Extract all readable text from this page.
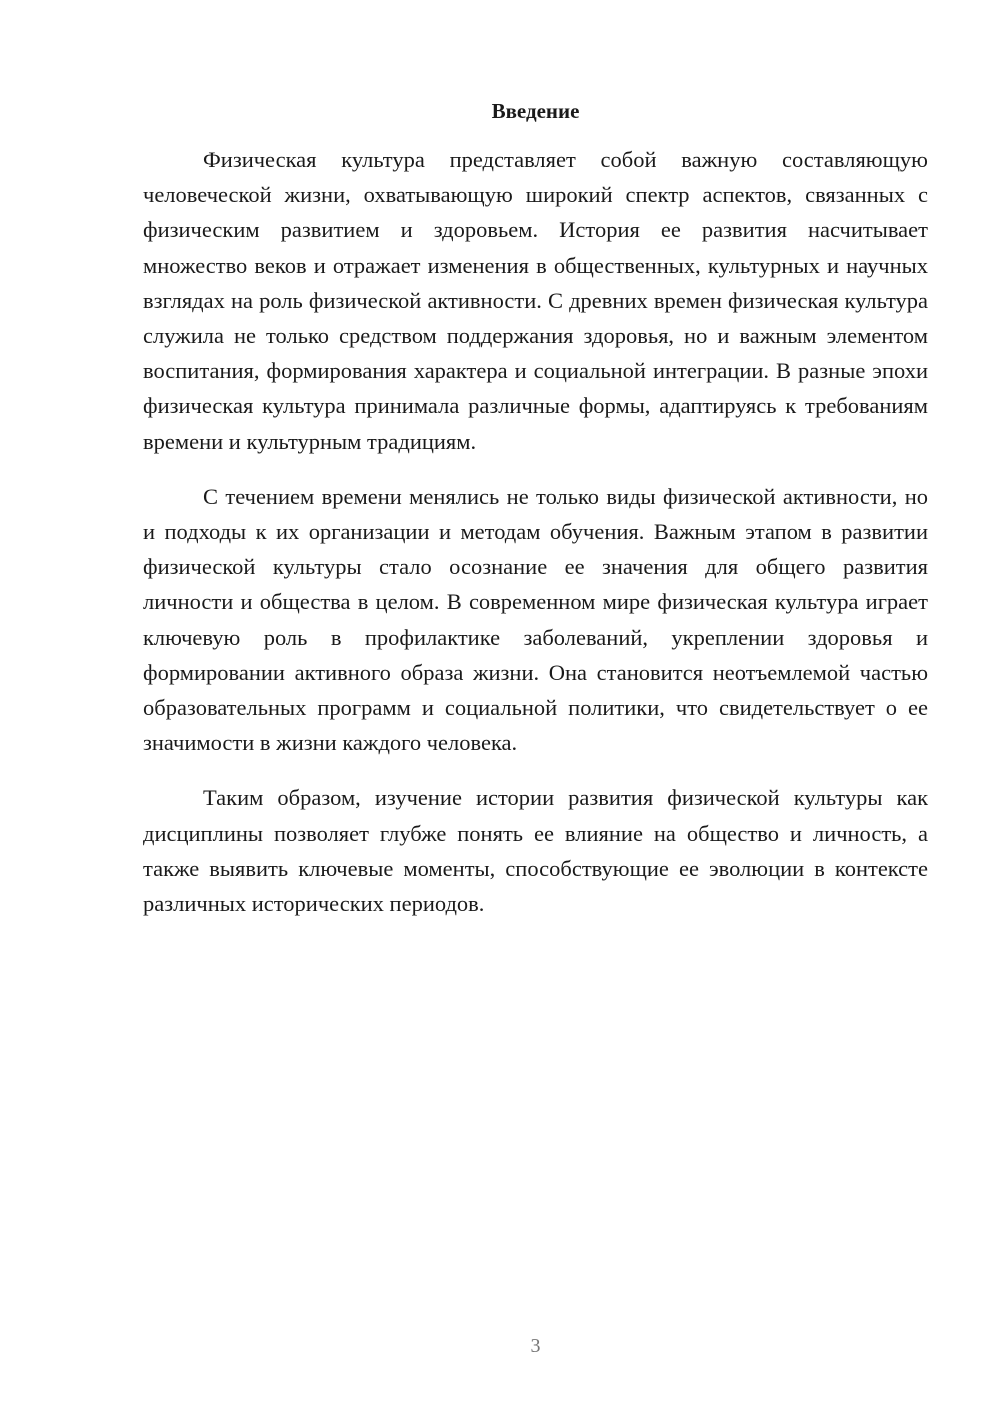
Введение

Физическая культура представляет собой важную составляющую человеческой жизни, охватывающую широкий спектр аспектов, связанных с физическим развитием и здоровьем. История ее развития насчитывает множество веков и отражает изменения в общественных, культурных и научных взглядах на роль физической активности. С древних времен физическая культура служила не только средством поддержания здоровья, но и важным элементом воспитания, формирования характера и социальной интеграции. В разные эпохи физическая культура принимала различные формы, адаптируясь к требованиям времени и культурным традициям.

С течением времени менялись не только виды физической активности, но и подходы к их организации и методам обучения. Важным этапом в развитии физической культуры стало осознание ее значения для общего развития личности и общества в целом. В современном мире физическая культура играет ключевую роль в профилактике заболеваний, укреплении здоровья и формировании активного образа жизни. Она становится неотъемлемой частью образовательных программ и социальной политики, что свидетельствует о ее значимости в жизни каждого человека.

Таким образом, изучение истории развития физической культуры как дисциплины позволяет глубже понять ее влияние на общество и личность, а также выявить ключевые моменты, способствующие ее эволюции в контексте различных исторических периодов.

3
